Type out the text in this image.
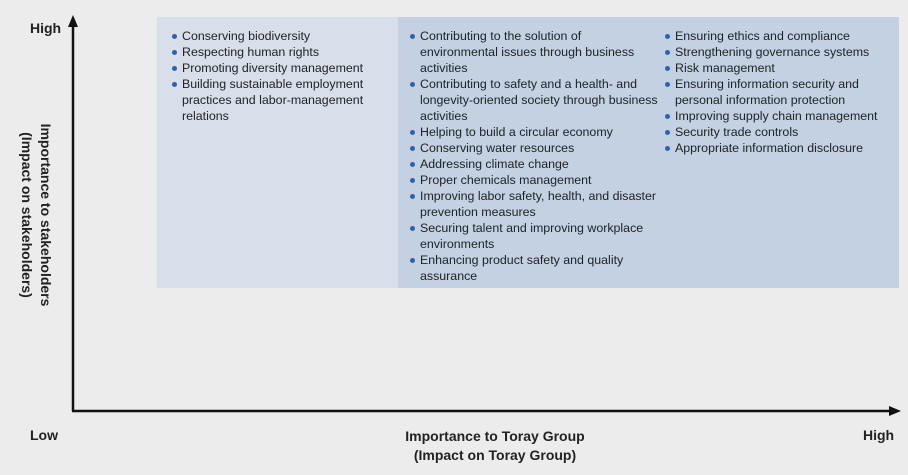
Conserving biodiversity
Respecting human rights
Promoting diversity management
Building sustainable employment practices and labor-management relations
Contributing to the solution of environmental issues through business activities
Contributing to safety and a health- and longevity-oriented society through business activities
Helping to build a circular economy
Conserving water resources
Addressing climate change
Proper chemicals management
Improving labor safety, health, and disaster prevention measures
Securing talent and improving workplace environments
Enhancing product safety and quality assurance
Ensuring ethics and compliance
Strengthening governance systems
Risk management
Ensuring information security and personal information protection
Improving supply chain management
Security trade controls
Appropriate information disclosure
High
Low	High
Importance to Toray Group
(Impact on Toray Group)
Importance to stakeholders
(Impact on stakeholders)
